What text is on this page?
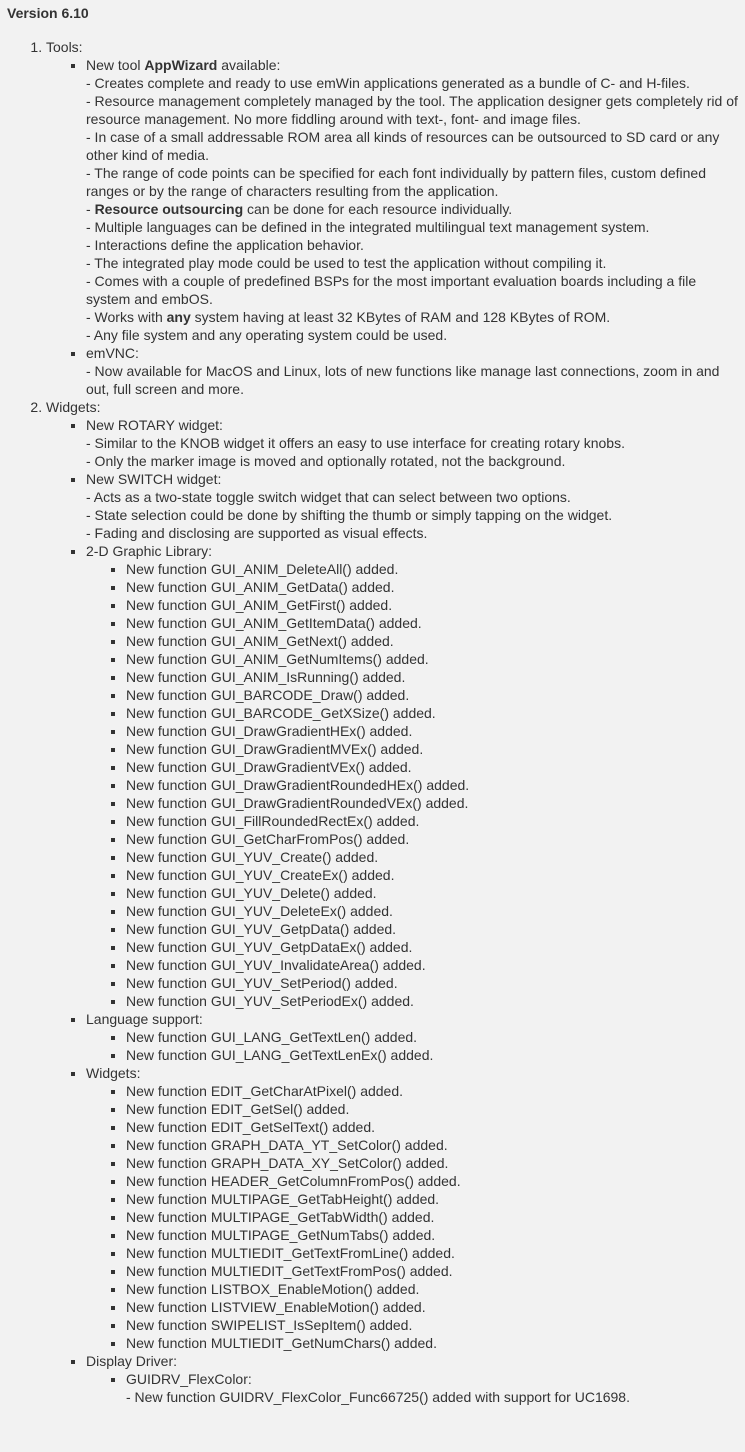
Version 6.10
1. Tools:
▪ New tool AppWizard available:
- Creates complete and ready to use emWin applications generated as a bundle of C- and H-files.
- Resource management completely managed by the tool. The application designer gets completely rid of resource management. No more fiddling around with text-, font- and image files.
- In case of a small addressable ROM area all kinds of resources can be outsourced to SD card or any other kind of media.
- The range of code points can be specified for each font individually by pattern files, custom defined ranges or by the range of characters resulting from the application.
- Resource outsourcing can be done for each resource individually.
- Multiple languages can be defined in the integrated multilingual text management system.
- Interactions define the application behavior.
- The integrated play mode could be used to test the application without compiling it.
- Comes with a couple of predefined BSPs for the most important evaluation boards including a file system and embOS.
- Works with any system having at least 32 KBytes of RAM and 128 KBytes of ROM.
- Any file system and any operating system could be used.
▪ emVNC:
- Now available for MacOS and Linux, lots of new functions like manage last connections, zoom in and out, full screen and more.
2. Widgets:
▪ New ROTARY widget:
- Similar to the KNOB widget it offers an easy to use interface for creating rotary knobs.
- Only the marker image is moved and optionally rotated, not the background.
▪ New SWITCH widget:
- Acts as a two-state toggle switch widget that can select between two options.
- State selection could be done by shifting the thumb or simply tapping on the widget.
- Fading and disclosing are supported as visual effects.
▪ 2-D Graphic Library:
▪ New function GUI_ANIM_DeleteAll() added.
▪ New function GUI_ANIM_GetData() added.
▪ New function GUI_ANIM_GetFirst() added.
▪ New function GUI_ANIM_GetItemData() added.
▪ New function GUI_ANIM_GetNext() added.
▪ New function GUI_ANIM_GetNumItems() added.
▪ New function GUI_ANIM_IsRunning() added.
▪ New function GUI_BARCODE_Draw() added.
▪ New function GUI_BARCODE_GetXSize() added.
▪ New function GUI_DrawGradientHEx() added.
▪ New function GUI_DrawGradientMVEx() added.
▪ New function GUI_DrawGradientVEx() added.
▪ New function GUI_DrawGradientRoundedHEx() added.
▪ New function GUI_DrawGradientRoundedVEx() added.
▪ New function GUI_FillRoundedRectEx() added.
▪ New function GUI_GetCharFromPos() added.
▪ New function GUI_YUV_Create() added.
▪ New function GUI_YUV_CreateEx() added.
▪ New function GUI_YUV_Delete() added.
▪ New function GUI_YUV_DeleteEx() added.
▪ New function GUI_YUV_GetpData() added.
▪ New function GUI_YUV_GetpDataEx() added.
▪ New function GUI_YUV_InvalidateArea() added.
▪ New function GUI_YUV_SetPeriod() added.
▪ New function GUI_YUV_SetPeriodEx() added.
▪ Language support:
▪ New function GUI_LANG_GetTextLen() added.
▪ New function GUI_LANG_GetTextLenEx() added.
▪ Widgets:
▪ New function EDIT_GetCharAtPixel() added.
▪ New function EDIT_GetSel() added.
▪ New function EDIT_GetSelText() added.
▪ New function GRAPH_DATA_YT_SetColor() added.
▪ New function GRAPH_DATA_XY_SetColor() added.
▪ New function HEADER_GetColumnFromPos() added.
▪ New function MULTIPAGE_GetTabHeight() added.
▪ New function MULTIPAGE_GetTabWidth() added.
▪ New function MULTIPAGE_GetNumTabs() added.
▪ New function MULTIEDIT_GetTextFromLine() added.
▪ New function MULTIEDIT_GetTextFromPos() added.
▪ New function LISTBOX_EnableMotion() added.
▪ New function LISTVIEW_EnableMotion() added.
▪ New function SWIPELIST_IsSepItem() added.
▪ New function MULTIEDIT_GetNumChars() added.
▪ Display Driver:
▪ GUIDRV_FlexColor:
- New function GUIDRV_FlexColor_Func66725() added with support for UC1698.
